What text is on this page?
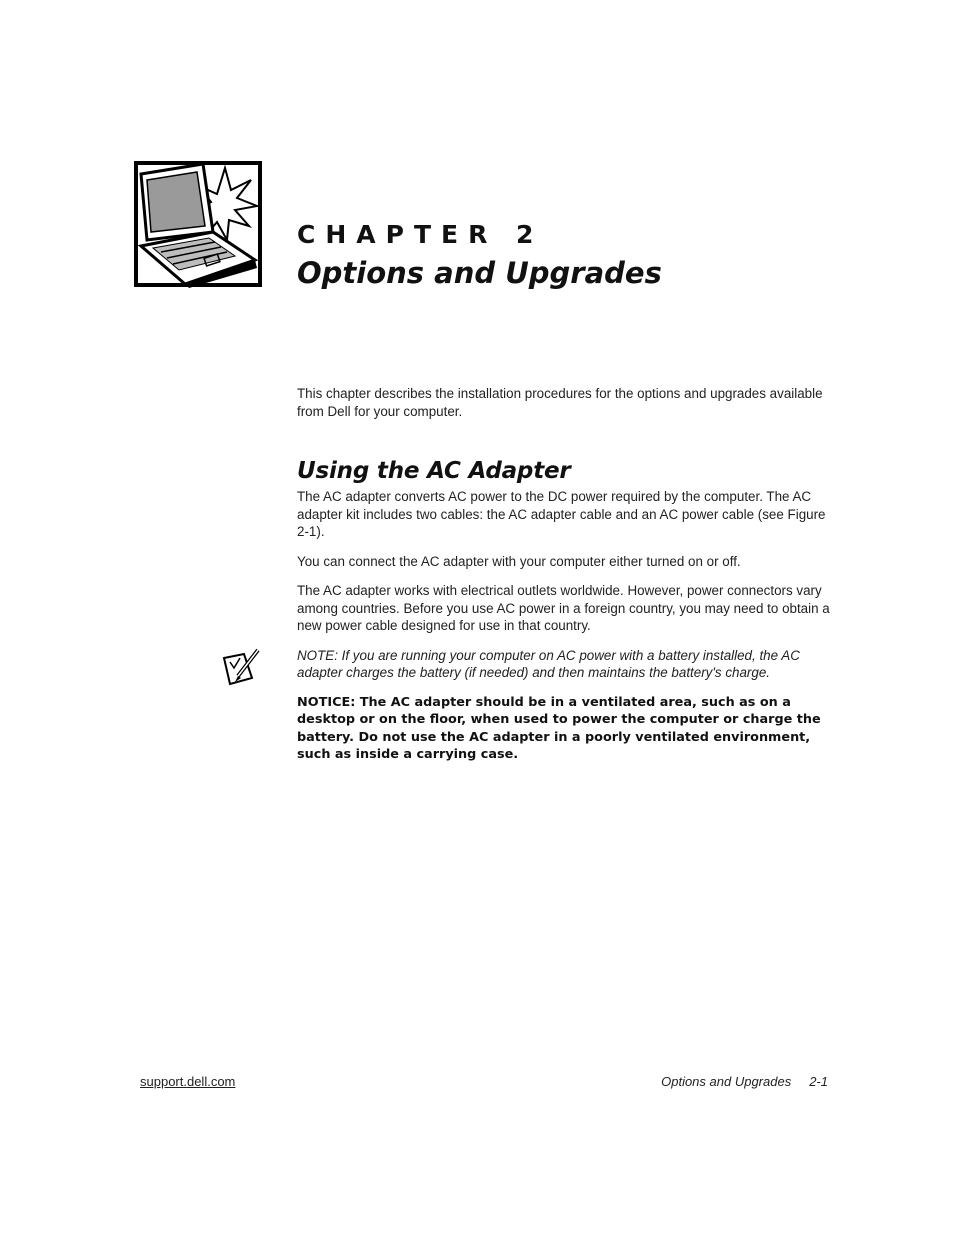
CHAPTER 2
Options and Upgrades

This chapter describes the installation procedures for the options and upgrades available from Dell for your computer.

Using the AC Adapter

The AC adapter converts AC power to the DC power required by the computer. The AC adapter kit includes two cables: the AC adapter cable and an AC power cable (see Figure 2-1).

You can connect the AC adapter with your computer either turned on or off.

The AC adapter works with electrical outlets worldwide. However, power connectors vary among countries. Before you use AC power in a foreign country, you may need to obtain a new power cable designed for use in that country.

NOTE: If you are running your computer on AC power with a battery installed, the AC adapter charges the battery (if needed) and then maintains the battery's charge.

NOTICE: The AC adapter should be in a ventilated area, such as on a desktop or on the floor, when used to power the computer or charge the battery. Do not use the AC adapter in a poorly ventilated environment, such as inside a carrying case.

support.dell.com	Options and Upgrades 2-1
